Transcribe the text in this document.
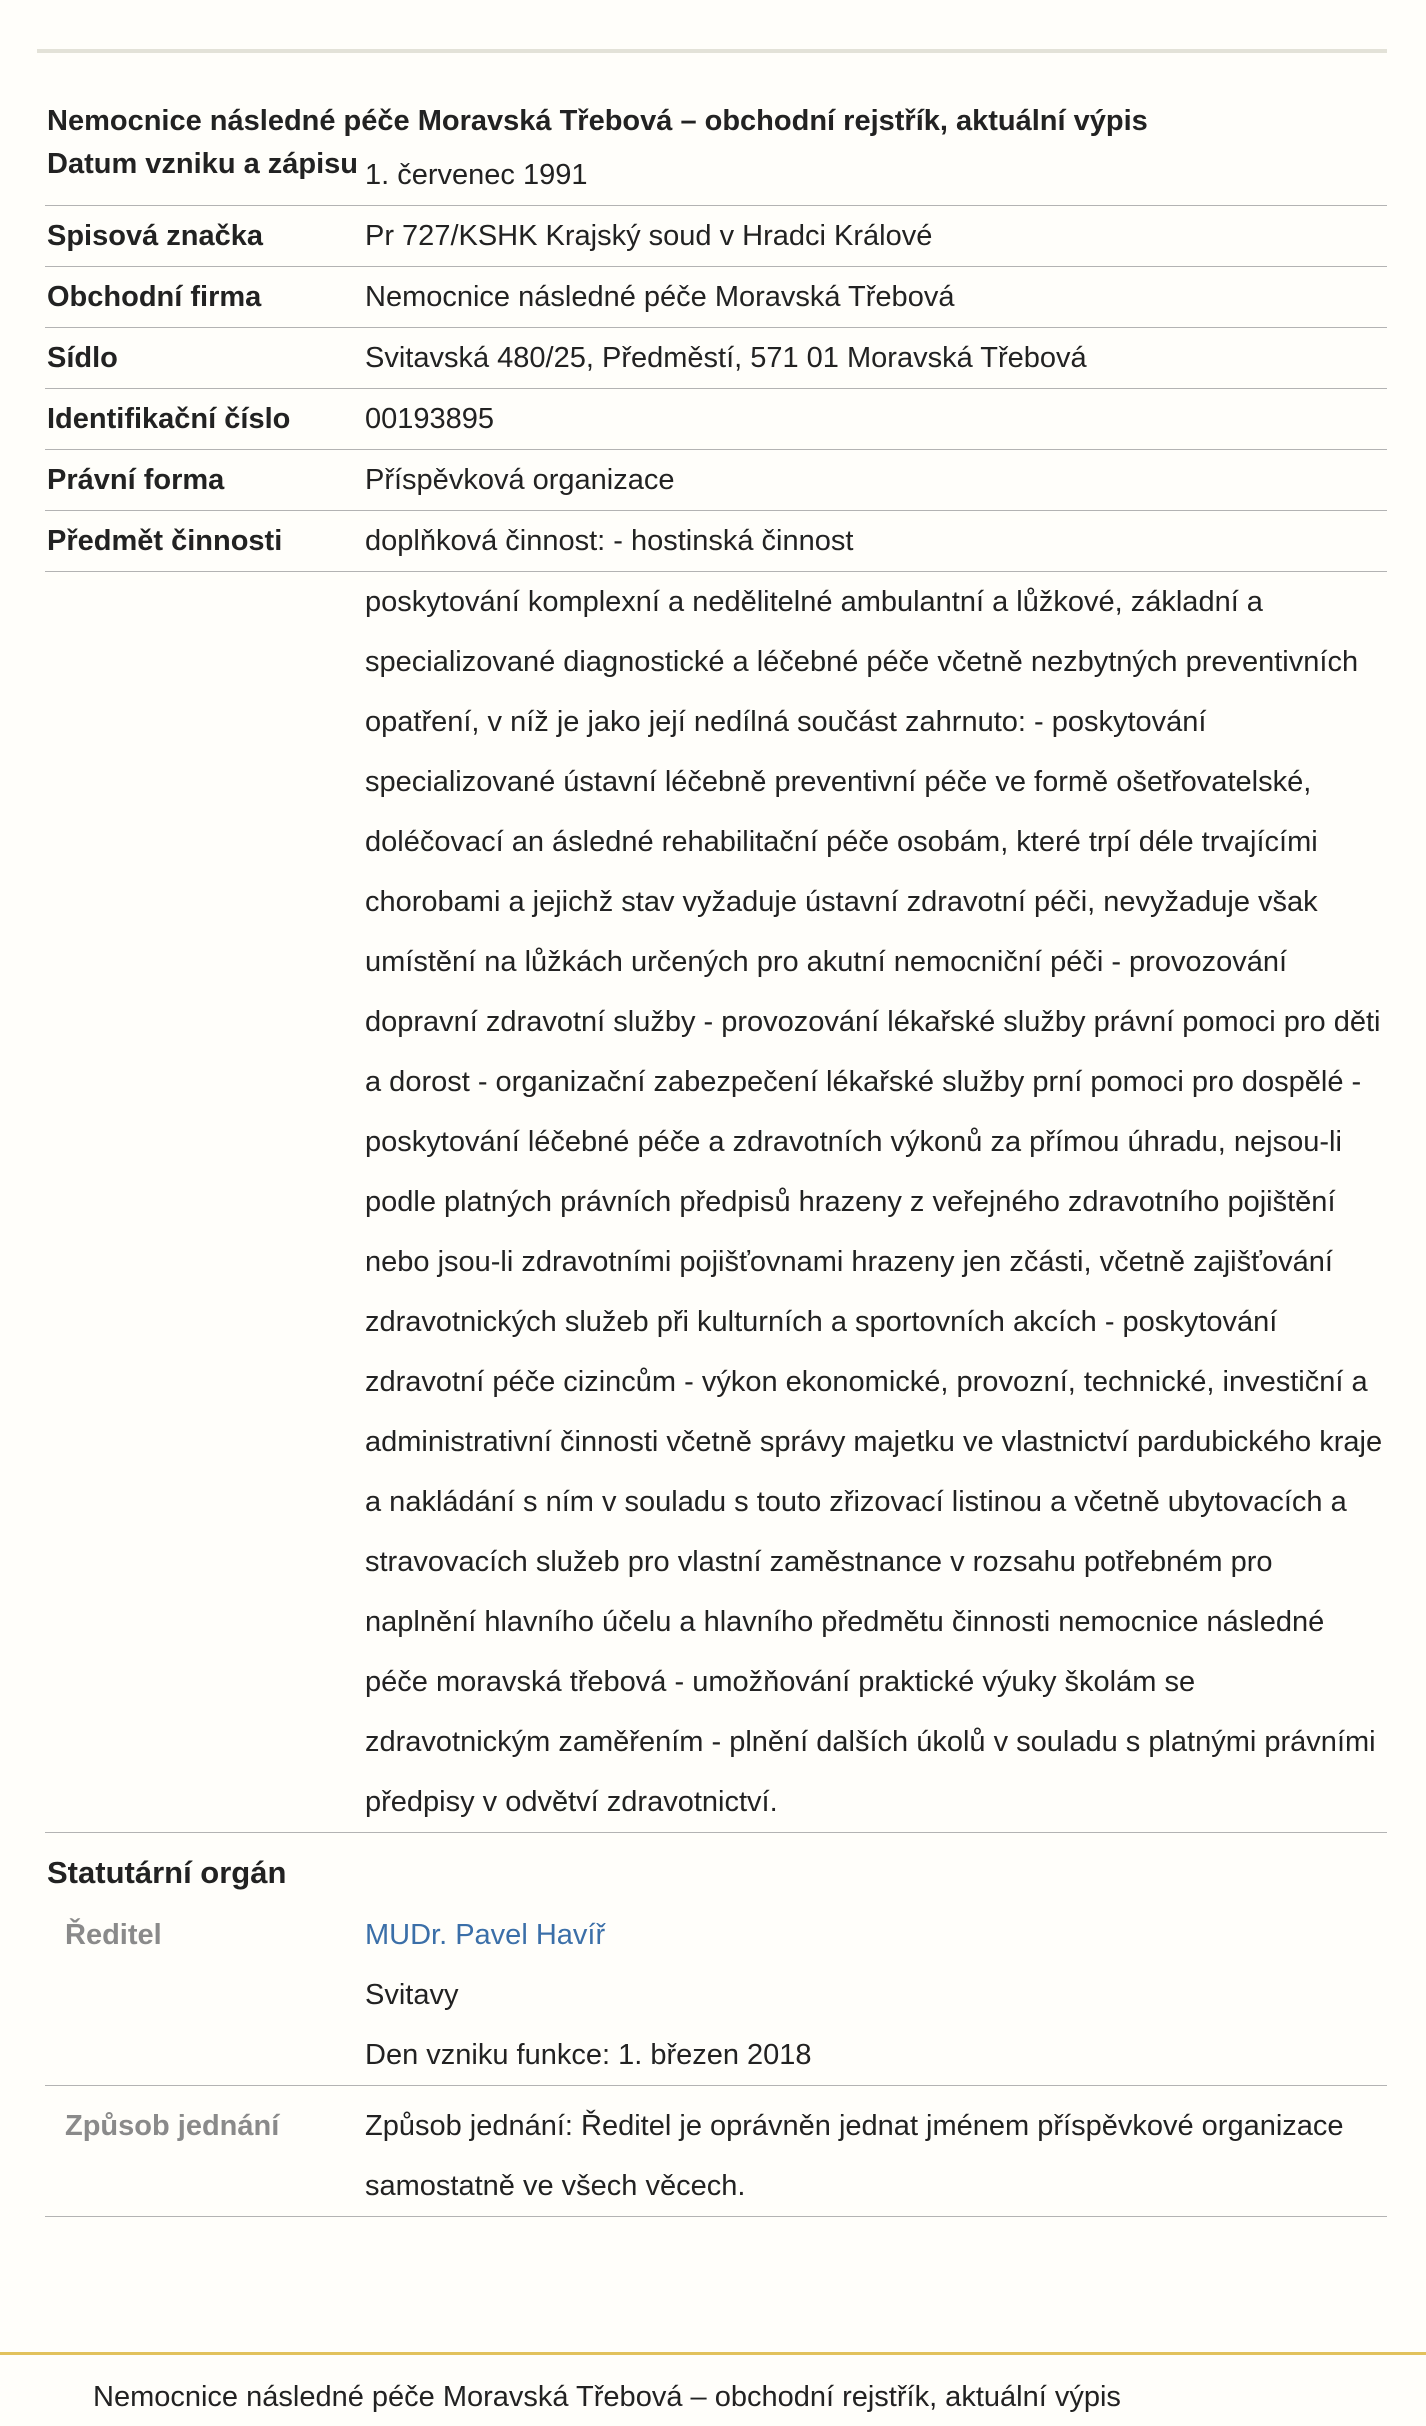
Nemocnice následné péče Moravská Třebová – obchodní rejstřík, aktuální výpis
Datum vzniku a zápisu 1. červenec 1991
Spisová značka	Pr 727/KSHK Krajský soud v Hradci Králové
Obchodní firma	Nemocnice následné péče Moravská Třebová
Sídlo	Svitavská 480/25, Předměstí, 571 01 Moravská Třebová
Identifikační číslo	00193895
Právní forma	Příspěvková organizace
Předmět činnosti	doplňková činnost: - hostinská činnost
poskytování komplexní a nedělitelné ambulantní a lůžkové, základní a specializované diagnostické a léčebné péče včetně nezbytných preventivních opatření, v níž je jako její nedílná součást zahrnuto: - poskytování specializované ústavní léčebně preventivní péče ve formě ošetřovatelské, doléčovací an ásledné rehabilitační péče osobám, které trpí déle trvajícími chorobami a jejichž stav vyžaduje ústavní zdravotní péči, nevyžaduje však umístění na lůžkách určených pro akutní nemocniční péči - provozování dopravní zdravotní služby - provozování lékařské služby právní pomoci pro děti a dorost - organizační zabezpečení lékařské služby prní pomoci pro dospělé - poskytování léčebné péče a zdravotních výkonů za přímou úhradu, nejsou-li podle platných právních předpisů hrazeny z veřejného zdravotního pojištění nebo jsou-li zdravotními pojišťovnami hrazeny jen zčásti, včetně zajišťování zdravotnických služeb při kulturních a sportovních akcích - poskytování zdravotní péče cizincům - výkon ekonomické, provozní, technické, investiční a administrativní činnosti včetně správy majetku ve vlastnictví pardubického kraje a nakládání s ním v souladu s touto zřizovací listinou a včetně ubytovacích a stravovacích služeb pro vlastní zaměstnance v rozsahu potřebném pro naplnění hlavního účelu a hlavního předmětu činnosti nemocnice následné péče moravská třebová - umožňování praktické výuky školám se zdravotnickým zaměřením - plnění dalších úkolů v souladu s platnými právními předpisy v odvětví zdravotnictví.
Statutární orgán
Ředitel	MUDr. Pavel Havíř
Svitavy
Den vzniku funkce: 1. březen 2018
Způsob jednání	Způsob jednání: Ředitel je oprávněn jednat jménem příspěvkové organizace samostatně ve všech věcech.
Nemocnice následné péče Moravská Třebová – obchodní rejstřík, aktuální výpis
